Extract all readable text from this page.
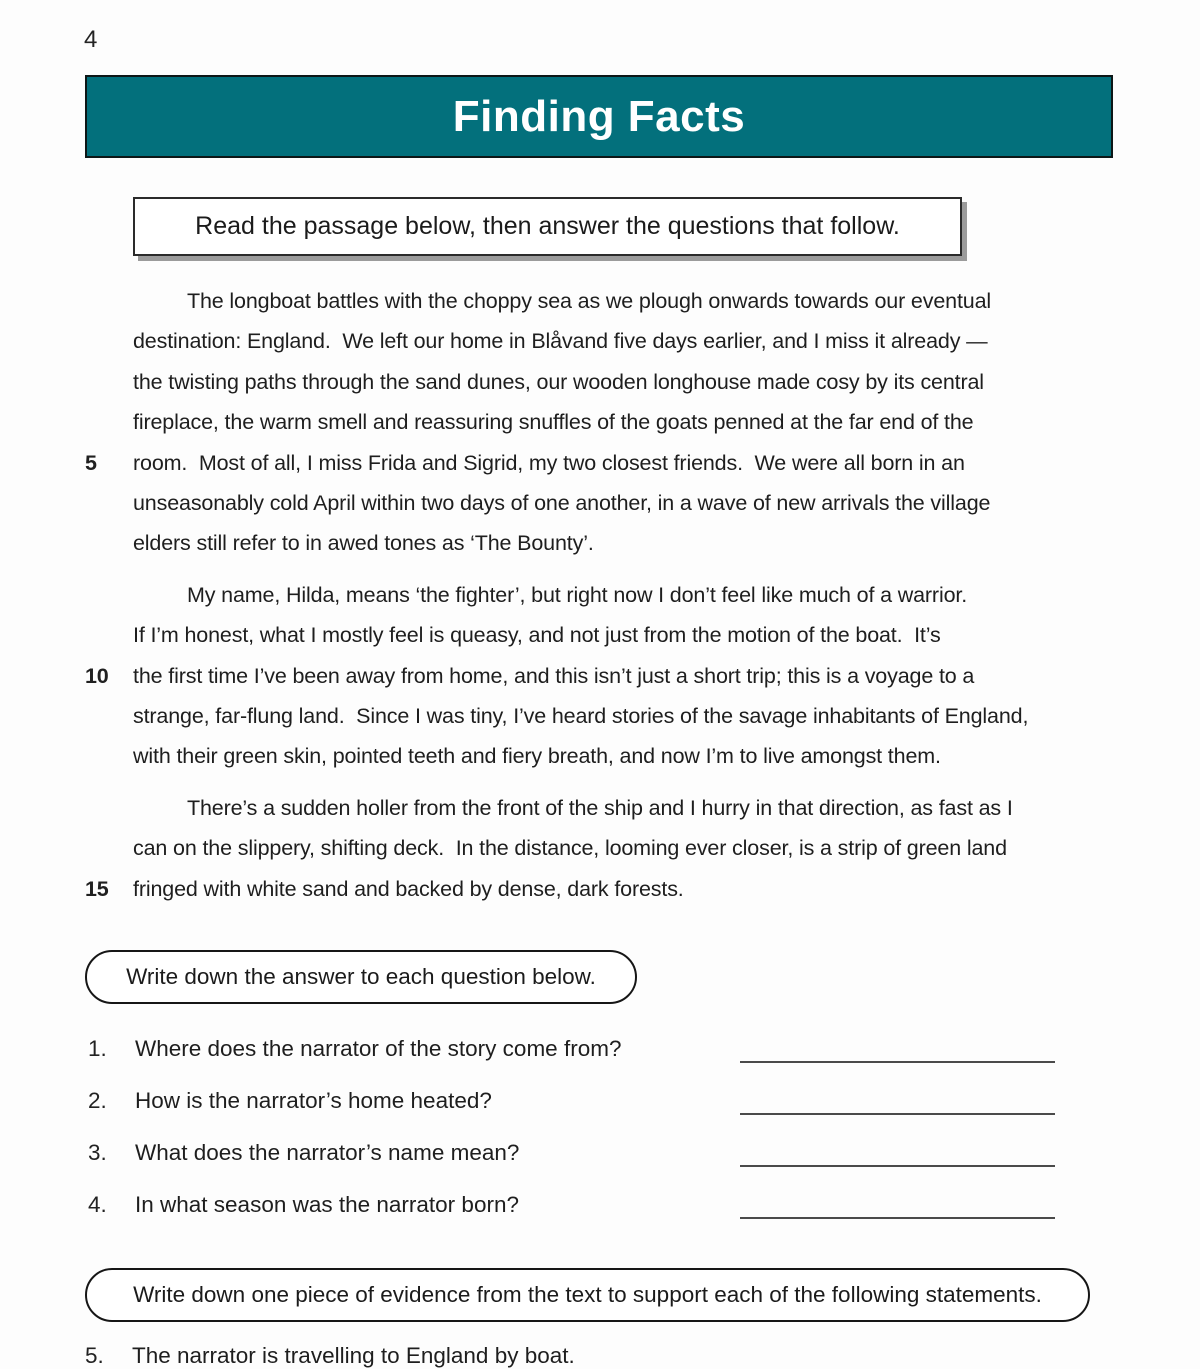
4
Finding Facts
Read the passage below, then answer the questions that follow.
The longboat battles with the choppy sea as we plough onwards towards our eventual
destination: England.  We left our home in Blåvand five days earlier, and I miss it already —
the twisting paths through the sand dunes, our wooden longhouse made cosy by its central
fireplace, the warm smell and reassuring snuffles of the goats penned at the far end of the
5	room.  Most of all, I miss Frida and Sigrid, my two closest friends.  We were all born in an
unseasonably cold April within two days of one another, in a wave of new arrivals the village
elders still refer to in awed tones as ‘The Bounty’.
My name, Hilda, means ‘the fighter’, but right now I don’t feel like much of a warrior.
If I’m honest, what I mostly feel is queasy, and not just from the motion of the boat.  It’s
10	the first time I’ve been away from home, and this isn’t just a short trip; this is a voyage to a
strange, far-flung land.  Since I was tiny, I’ve heard stories of the savage inhabitants of England,
with their green skin, pointed teeth and fiery breath, and now I’m to live amongst them.
There’s a sudden holler from the front of the ship and I hurry in that direction, as fast as I
can on the slippery, shifting deck.  In the distance, looming ever closer, is a strip of green land
15	fringed with white sand and backed by dense, dark forests.
Write down the answer to each question below.
1. Where does the narrator of the story come from?
2. How is the narrator’s home heated?
3. What does the narrator’s name mean?
4. In what season was the narrator born?
Write down one piece of evidence from the text to support each of the following statements.
5.	The narrator is travelling to England by boat.
